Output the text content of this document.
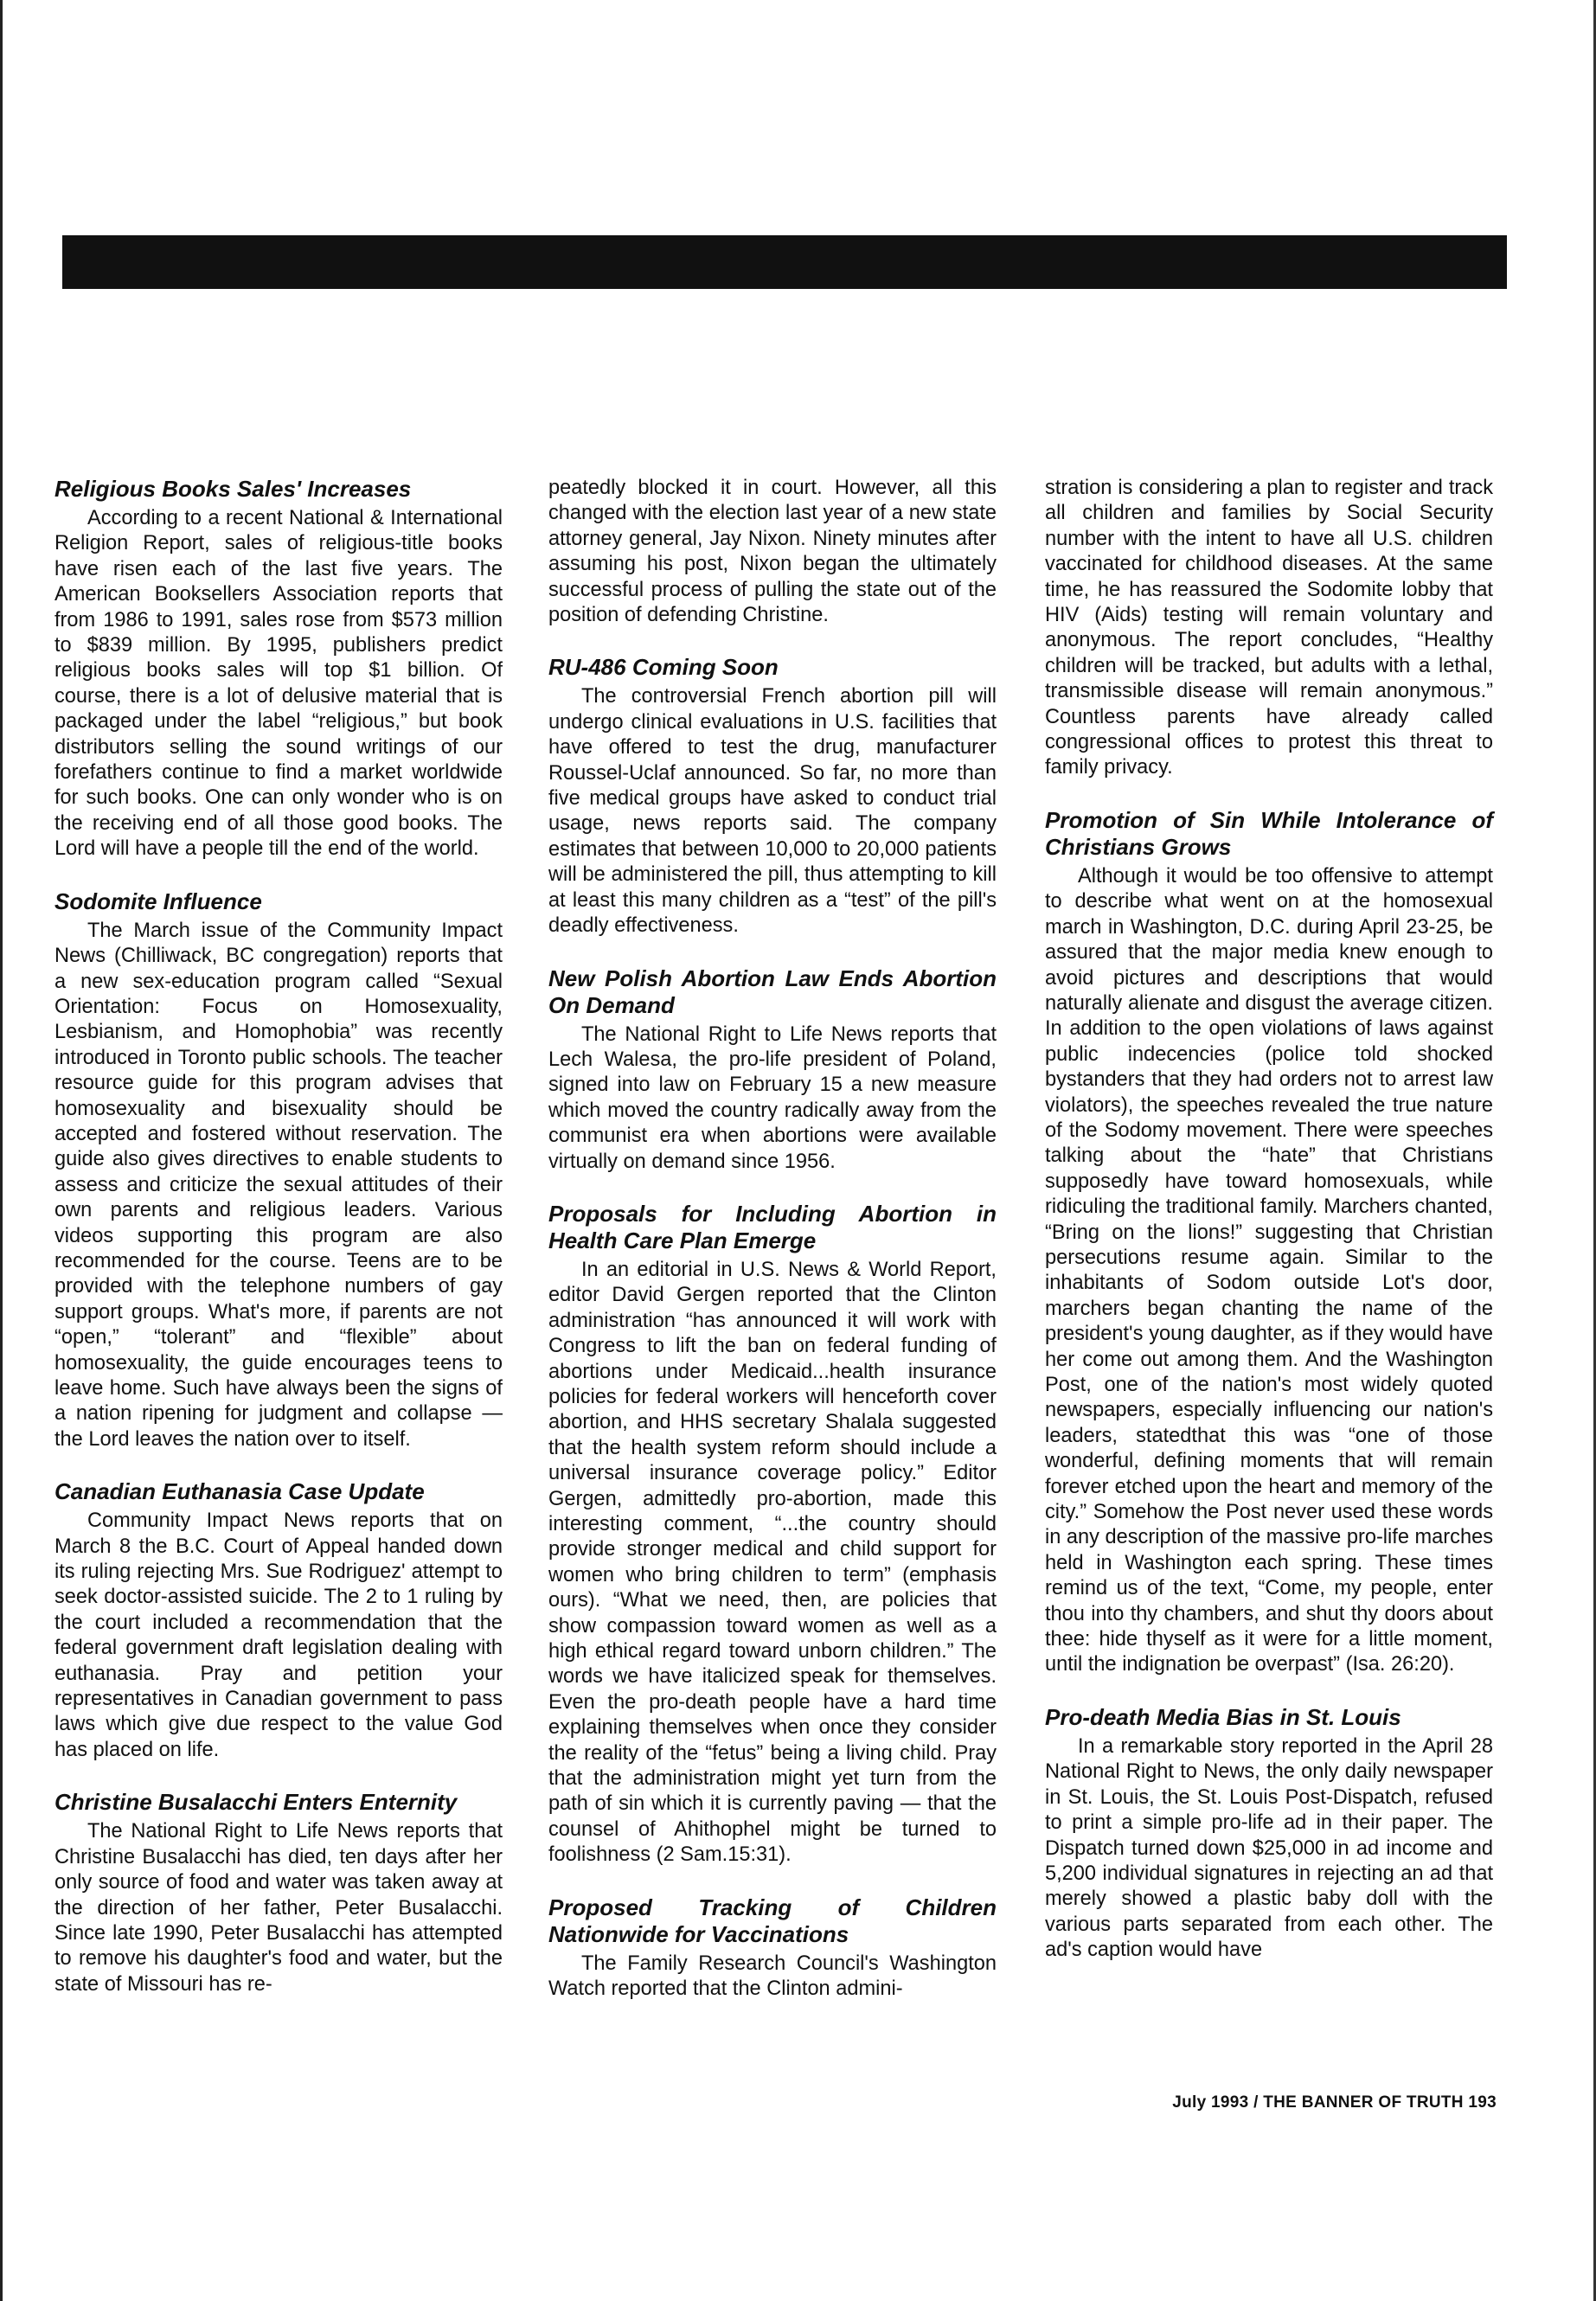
Religious Books Sales' Increases

According to a recent National & International Religion Report, sales of religious-title books have risen each of the last five years. The American Booksellers Association reports that from 1986 to 1991, sales rose from $573 million to $839 million. By 1995, publishers predict religious books sales will top $1 billion. Of course, there is a lot of delusive material that is packaged under the label “religious,” but book distributors selling the sound writings of our forefathers continue to find a market worldwide for such books. One can only wonder who is on the receiving end of all those good books. The Lord will have a people till the end of the world.

Sodomite Influence

The March issue of the Community Impact News (Chilliwack, BC congregation) reports that a new sex-education program called “Sexual Orientation: Focus on Homosexuality, Lesbianism, and Homophobia” was recently introduced in Toronto public schools. The teacher resource guide for this program advises that homosexuality and bisexuality should be accepted and fostered without reservation. The guide also gives directives to enable students to assess and criticize the sexual attitudes of their own parents and religious leaders. Various videos supporting this program are also recommended for the course. Teens are to be provided with the telephone numbers of gay support groups. What's more, if parents are not “open,” “tolerant” and “flexible” about homosexuality, the guide encourages teens to leave home. Such have always been the signs of a nation ripening for judgment and collapse — the Lord leaves the nation over to itself.

Canadian Euthanasia Case Update

Community Impact News reports that on March 8 the B.C. Court of Appeal handed down its ruling rejecting Mrs. Sue Rodriguez' attempt to seek doctor-assisted suicide. The 2 to 1 ruling by the court included a recommendation that the federal government draft legislation dealing with euthanasia. Pray and petition your representatives in Canadian government to pass laws which give due respect to the value God has placed on life.

Christine Busalacchi Enters Enternity

The National Right to Life News reports that Christine Busalacchi has died, ten days after her only source of food and water was taken away at the direction of her father, Peter Busalacchi. Since late 1990, Peter Busalacchi has attempted to remove his daughter's food and water, but the state of Missouri has re-

peatedly blocked it in court. However, all this changed with the election last year of a new state attorney general, Jay Nixon. Ninety minutes after assuming his post, Nixon began the ultimately successful process of pulling the state out of the position of defending Christine.

RU-486 Coming Soon

The controversial French abortion pill will undergo clinical evaluations in U.S. facilities that have offered to test the drug, manufacturer Roussel-Uclaf announced. So far, no more than five medical groups have asked to conduct trial usage, news reports said. The company estimates that between 10,000 to 20,000 patients will be administered the pill, thus attempting to kill at least this many children as a “test” of the pill's deadly effectiveness.

New Polish Abortion Law Ends Abortion On Demand

The National Right to Life News reports that Lech Walesa, the pro-life president of Poland, signed into law on February 15 a new measure which moved the country radically away from the communist era when abortions were available virtually on demand since 1956.

Proposals for Including Abortion in Health Care Plan Emerge

In an editorial in U.S. News & World Report, editor David Gergen reported that the Clinton administration “has announced it will work with Congress to lift the ban on federal funding of abortions under Medicaid...health insurance policies for federal workers will henceforth cover abortion, and HHS secretary Shalala suggested that the health system reform should include a universal insurance coverage policy.” Editor Gergen, admittedly pro-abortion, made this interesting comment, “...the country should provide stronger medical and child support for women who bring children to term” (emphasis ours). “What we need, then, are policies that show compassion toward women as well as a high ethical regard toward unborn children.” The words we have italicized speak for themselves. Even the pro-death people have a hard time explaining themselves when once they consider the reality of the “fetus” being a living child. Pray that the administration might yet turn from the path of sin which it is currently paving — that the counsel of Ahithophel might be turned to foolishness (2 Sam.15:31).

Proposed Tracking of Children Nationwide for Vaccinations

The Family Research Council's Washington Watch reported that the Clinton admini-

stration is considering a plan to register and track all children and families by Social Security number with the intent to have all U.S. children vaccinated for childhood diseases. At the same time, he has reassured the Sodomite lobby that HIV (Aids) testing will remain voluntary and anonymous. The report concludes, “Healthy children will be tracked, but adults with a lethal, transmissible disease will remain anonymous.” Countless parents have already called congressional offices to protest this threat to family privacy.

Promotion of Sin While Intolerance of Christians Grows

Although it would be too offensive to attempt to describe what went on at the homosexual march in Washington, D.C. during April 23-25, be assured that the major media knew enough to avoid pictures and descriptions that would naturally alienate and disgust the average citizen. In addition to the open violations of laws against public indecencies (police told shocked bystanders that they had orders not to arrest law violators), the speeches revealed the true nature of the Sodomy movement. There were speeches talking about the “hate” that Christians supposedly have toward homosexuals, while ridiculing the traditional family. Marchers chanted, “Bring on the lions!” suggesting that Christian persecutions resume again. Similar to the inhabitants of Sodom outside Lot's door, marchers began chanting the name of the president's young daughter, as if they would have her come out among them. And the Washington Post, one of the nation's most widely quoted newspapers, especially influencing our nation's leaders, statedthat this was “one of those wonderful, defining moments that will remain forever etched upon the heart and memory of the city.” Somehow the Post never used these words in any description of the massive pro-life marches held in Washington each spring. These times remind us of the text, “Come, my people, enter thou into thy chambers, and shut thy doors about thee: hide thyself as it were for a little moment, until the indignation be overpast” (Isa. 26:20).

Pro-death Media Bias in St. Louis

In a remarkable story reported in the April 28 National Right to News, the only daily newspaper in St. Louis, the St. Louis Post-Dispatch, refused to print a simple pro-life ad in their paper. The Dispatch turned down $25,000 in ad income and 5,200 individual signatures in rejecting an ad that merely showed a plastic baby doll with the various parts separated from each other. The ad's caption would have

July 1993 / THE BANNER OF TRUTH 193
